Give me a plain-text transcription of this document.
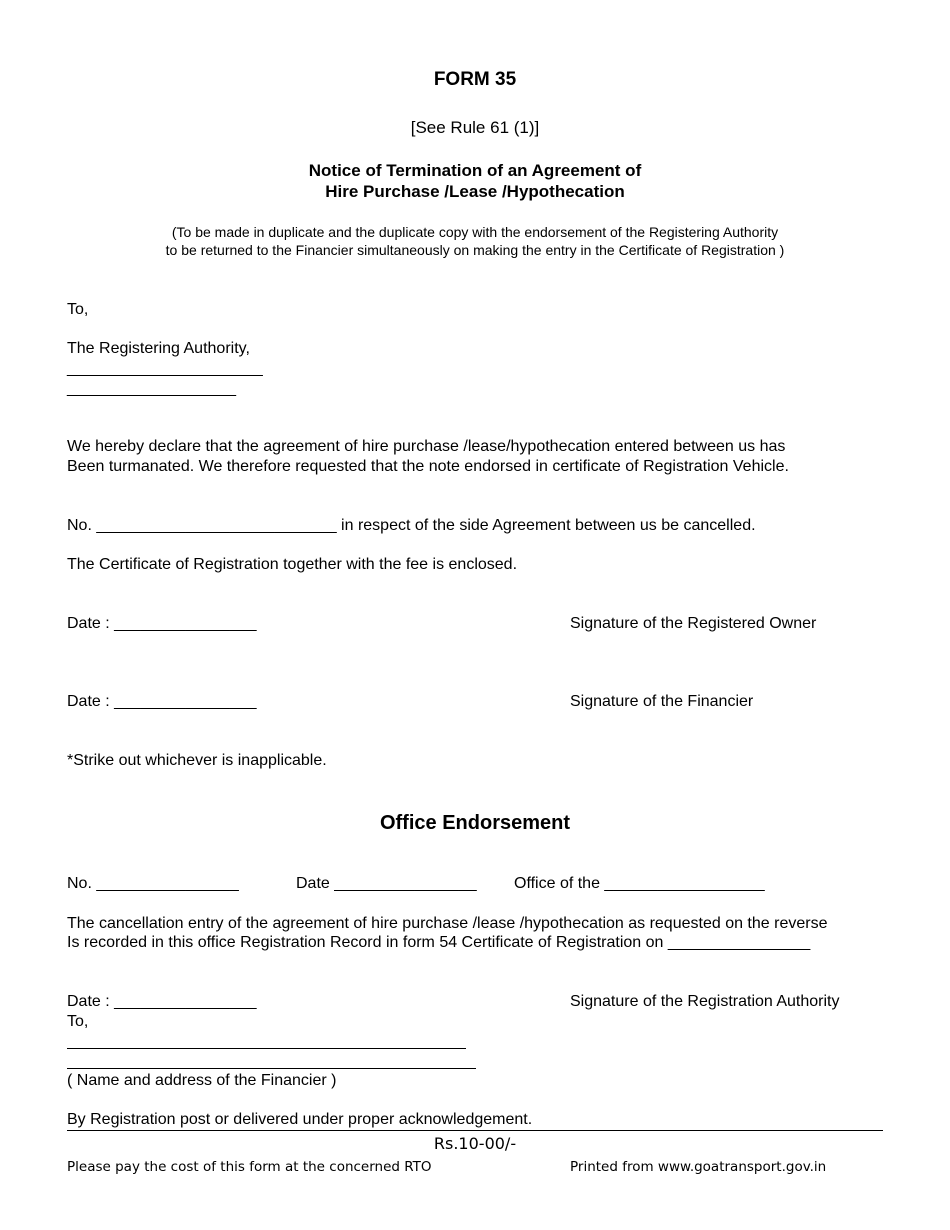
FORM 35
[See Rule 61 (1)]
Notice of Termination of an Agreement of
Hire Purchase /Lease /Hypothecation
(To be made in duplicate and the duplicate copy with the endorsement of the Registering Authority
to be returned to the Financier simultaneously on making the entry in the Certificate of Registration )
To,
The Registering Authority,
______________________
___________________
We hereby declare that the agreement of hire purchase /lease/hypothecation entered between us has
Been turmanated. We therefore requested that the note endorsed in certificate of Registration Vehicle.
No. ___________________________ in respect of the side Agreement between us be cancelled.
The Certificate of Registration together with the fee is enclosed.
Date : ________________	Signature of the Registered Owner
Date : ________________	Signature of the Financier
*Strike out whichever is inapplicable.
Office Endorsement
No. ________________	Date ________________ Office of the __________________
The cancellation entry of the agreement of hire purchase /lease /hypothecation as requested on the reverse
Is recorded in this office Registration Record in form 54 Certificate of Registration on ________________
Date : ________________	Signature of the Registration Authority
To,
( Name and address of the Financier )
By Registration post or delivered under proper acknowledgement.
Rs.10-00/-
Please pay the cost of this form at the concerned RTO	Printed from www.goatransport.gov.in
